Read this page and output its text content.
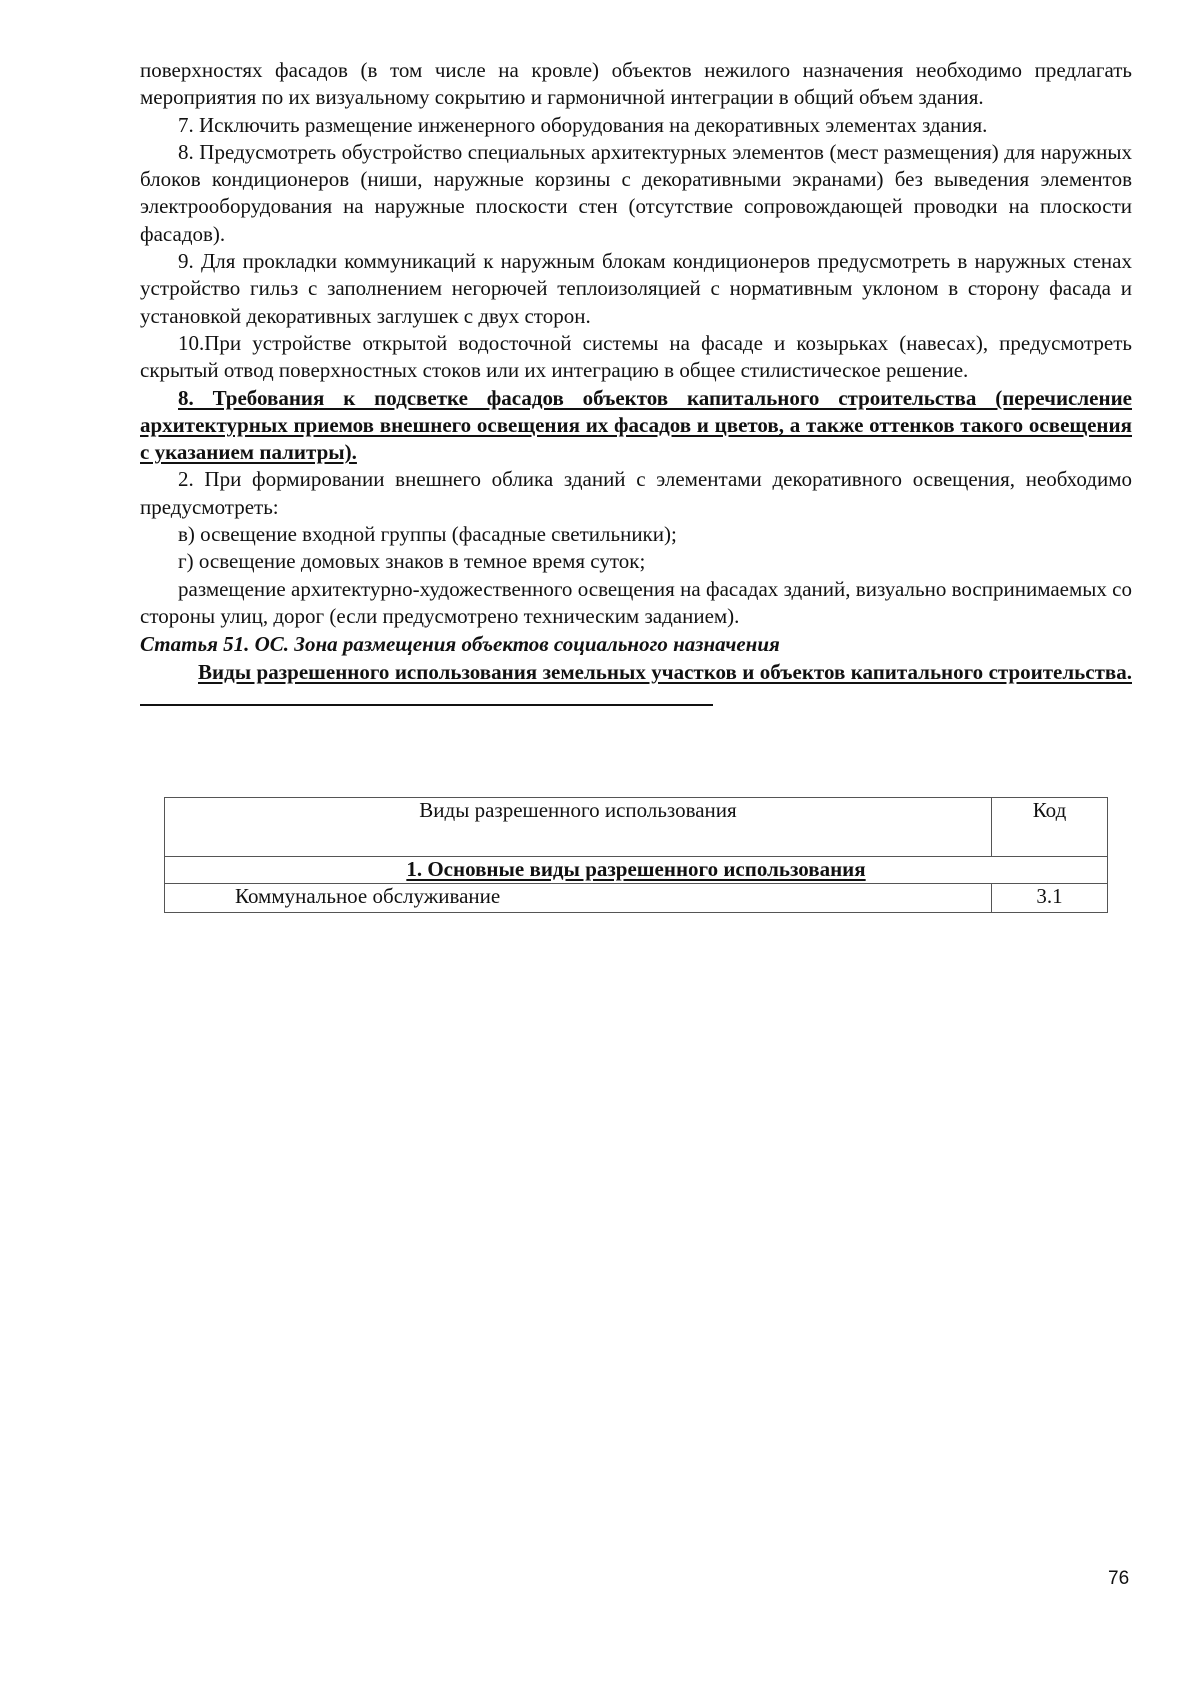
поверхностях фасадов (в том числе на кровле) объектов нежилого назначения необходимо предлагать мероприятия по их визуальному сокрытию и гармоничной интеграции в общий объем здания.

7. Исключить размещение инженерного оборудования на декоративных элементах здания.

8. Предусмотреть обустройство специальных архитектурных элементов (мест размещения) для наружных блоков кондиционеров (ниши, наружные корзины с декоративными экранами) без выведения элементов электрооборудования на наружные плоскости стен (отсутствие сопровождающей проводки на плоскости фасадов).

9. Для прокладки коммуникаций к наружным блокам кондиционеров предусмотреть в наружных стенах устройство гильз с заполнением негорючей теплоизоляцией с нормативным уклоном в сторону фасада и установкой декоративных заглушек с двух сторон.

10.При устройстве открытой водосточной системы на фасаде и козырьках (навесах), предусмотреть скрытый отвод поверхностных стоков или их интеграцию в общее стилистическое решение.

8. Требования к подсветке фасадов объектов капитального строительства (перечисление архитектурных приемов внешнего освещения их фасадов и цветов, а также оттенков такого освещения с указанием палитры).

2. При формировании внешнего облика зданий с элементами декоративного освещения, необходимо предусмотреть:

в) освещение входной группы (фасадные светильники);

г) освещение домовых знаков в темное время суток;

размещение архитектурно-художественного освещения на фасадах зданий, визуально воспринимаемых со стороны улиц, дорог (если предусмотрено техническим заданием).

Статья 51. ОС. Зона размещения объектов социального назначения

Виды разрешенного использования земельных участков и объектов капитального строительства.

Виды разрешенного использования	Код
1. Основные виды разрешенного использования	
Коммунальное обслуживание	3.1
76
